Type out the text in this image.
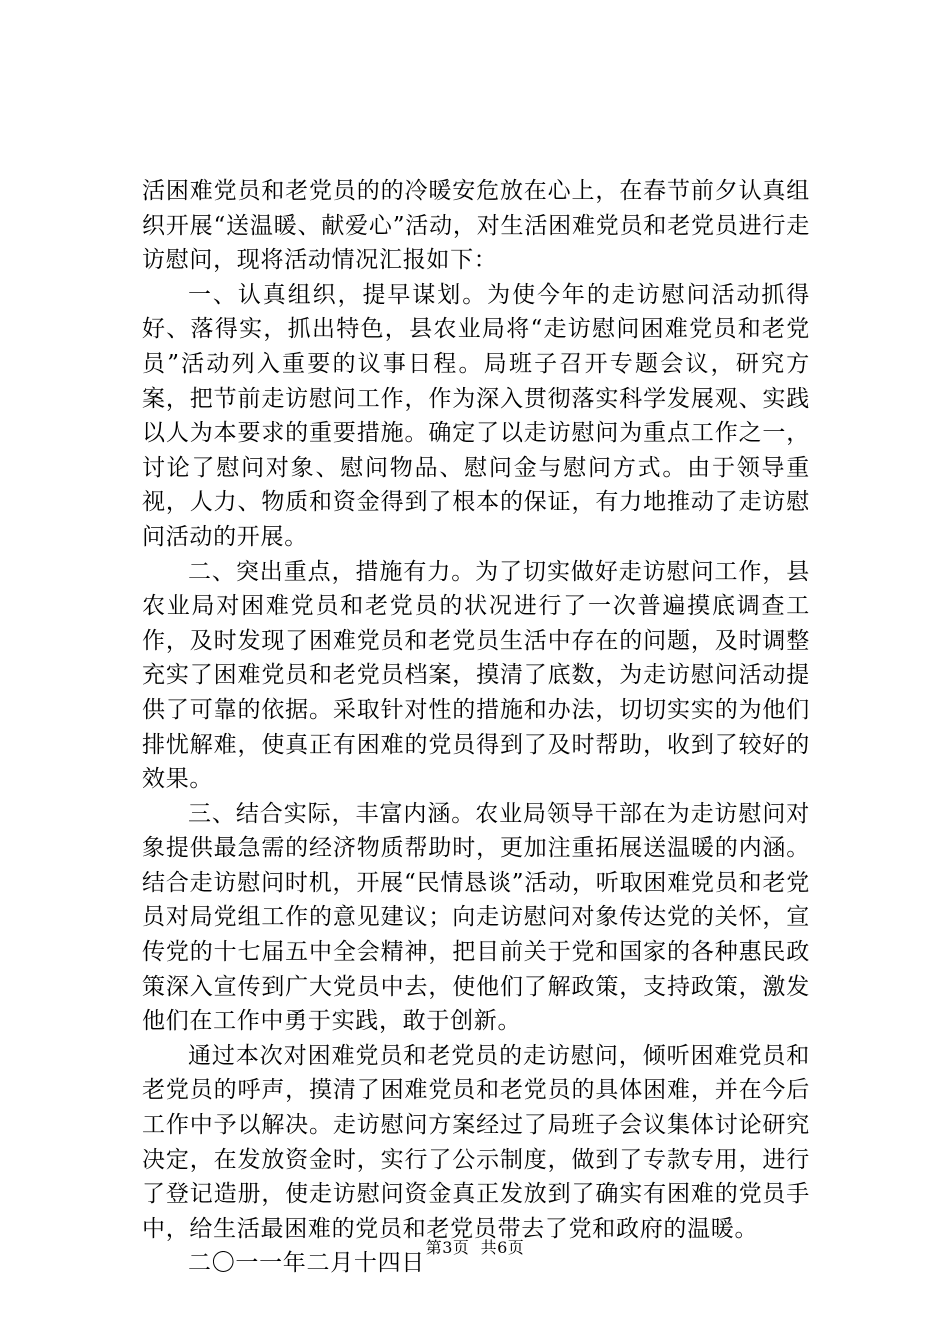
活困难党员和老党员的的冷暖安危放在心上，在春节前夕认真组织开展“送温暖、献爱心”活动，对生活困难党员和老党员进行走访慰问，现将活动情况汇报如下：

一、认真组织，提早谋划。为使今年的走访慰问活动抓得好、落得实，抓出特色，县农业局将“走访慰问困难党员和老党员”活动列入重要的议事日程。局班子召开专题会议，研究方案，把节前走访慰问工作，作为深入贯彻落实科学发展观、实践以人为本要求的重要措施。确定了以走访慰问为重点工作之一，讨论了慰问对象、慰问物品、慰问金与慰问方式。由于领导重视，人力、物质和资金得到了根本的保证，有力地推动了走访慰问活动的开展。

二、突出重点，措施有力。为了切实做好走访慰问工作，县农业局对困难党员和老党员的状况进行了一次普遍摸底调查工作，及时发现了困难党员和老党员生活中存在的问题，及时调整充实了困难党员和老党员档案，摸清了底数，为走访慰问活动提供了可靠的依据。采取针对性的措施和办法，切切实实的为他们排忧解难，使真正有困难的党员得到了及时帮助，收到了较好的效果。

三、结合实际，丰富内涵。农业局领导干部在为走访慰问对象提供最急需的经济物质帮助时，更加注重拓展送温暖的内涵。结合走访慰问时机，开展“民情恳谈”活动，听取困难党员和老党员对局党组工作的意见建议；向走访慰问对象传达党的关怀，宣传党的十七届五中全会精神，把目前关于党和国家的各种惠民政策深入宣传到广大党员中去，使他们了解政策，支持政策，激发他们在工作中勇于实践，敢于创新。

通过本次对困难党员和老党员的走访慰问，倾听困难党员和老党员的呼声，摸清了困难党员和老党员的具体困难，并在今后工作中予以解决。走访慰问方案经过了局班子会议集体讨论研究决定，在发放资金时，实行了公示制度，做到了专款专用，进行了登记造册，使走访慰问资金真正发放到了确实有困难的党员手中，给生活最困难的党员和老党员带去了党和政府的温暖。

二〇一一年二月十四日

第3页  共6页
